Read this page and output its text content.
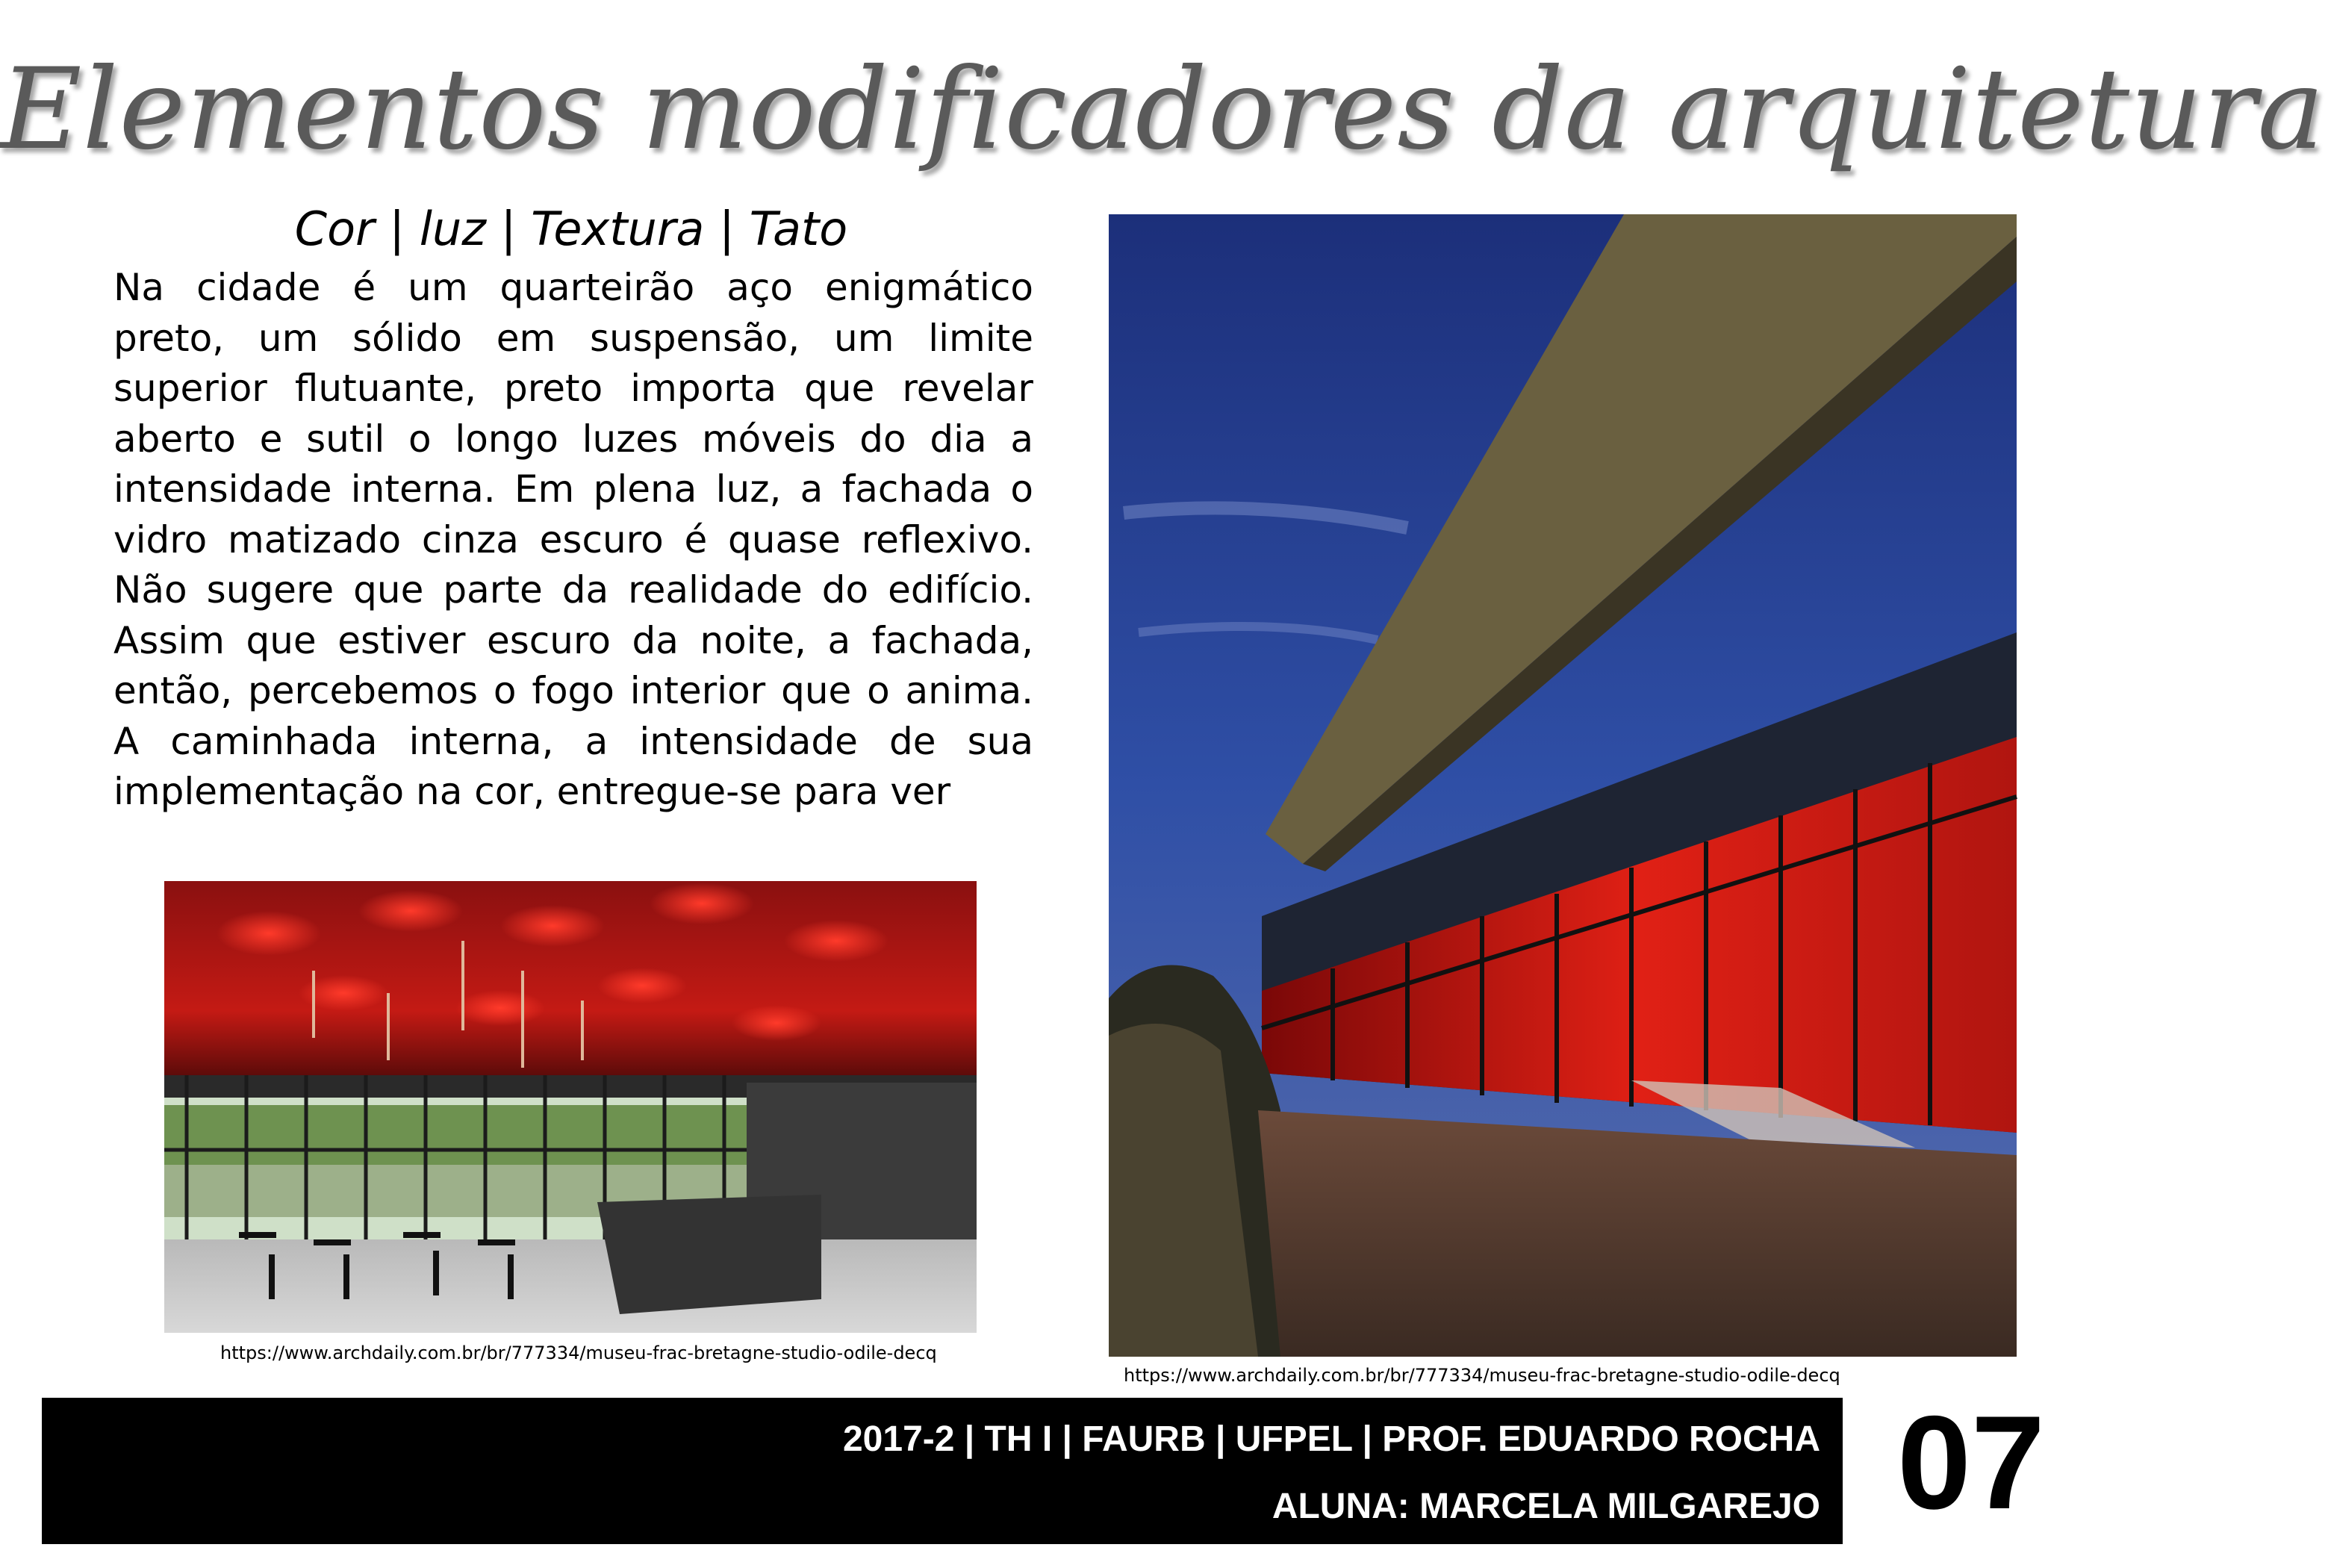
Elementos modificadores da arquitetura
Cor | luz | Textura | Tato
Na cidade é um quarteirão aço enigmático preto, um sólido em suspensão, um limite superior flutuante, preto importa que revelar aberto e sutil o longo luzes móveis do dia a intensidade interna. Em plena luz, a fachada o vidro matizado cinza escuro é quase reflexivo. Não sugere que parte da realidade do edifício. Assim que estiver escuro da noite, a fachada, então, percebemos o fogo interior que o anima. A caminhada interna, a intensidade de sua implementação na cor, entregue-se para ver
https://www.archdaily.com.br/br/777334/museu-frac-bretagne-studio-odile-decq
https://www.archdaily.com.br/br/777334/museu-frac-bretagne-studio-odile-decq
2017-2 | TH I | FAURB | UFPEL | PROF. EDUARDO ROCHA
ALUNA: MARCELA MILGAREJO 07
